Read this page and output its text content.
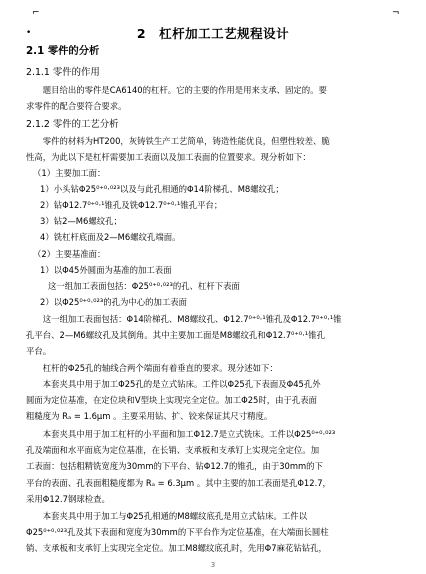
⌐	¬
•	2　杠杆加工工艺规程设计
2.1 零件的分析
2.1.1 零件的作用
　　题目给出的零件是CA6140的杠杆。它的主要的作用是用来支承、固定的。要
求零件的配合要符合要求。
2.1.2 零件的工艺分析
　　零件的材料为HT200，灰铸铁生产工艺简单，铸造性能优良，但塑性较差、脆
性高，为此以下是杠杆需要加工表面以及加工表面的位置要求。现分析如下：
（1）主要加工面：
1）小头钻Φ25⁰⁺⁰·⁰²³以及与此孔相通的Φ14阶梯孔、M8螺纹孔；
2）钻Φ12.7⁰⁺⁰·¹锥孔及铣Φ12.7⁰⁺⁰·¹锥孔平台；
3）钻2—M6螺纹孔；
4）铣杠杆底面及2—M6螺纹孔端面。
（2）主要基准面：
1）以Φ45外圆面为基准的加工表面
这一组加工表面包括：Φ25⁰⁺⁰·⁰²³的孔、杠杆下表面
2）以Φ25⁰⁺⁰·⁰²³的孔为中心的加工表面
　　这一组加工表面包括：Φ14阶梯孔、M8螺纹孔、Φ12.7⁰⁺⁰·¹锥孔及Φ12.7⁰⁺⁰·¹锥
孔平台、2—M6螺纹孔及其倒角。其中主要加工面是M8螺纹孔和Φ12.7⁰⁺⁰·¹锥孔
平台。
　　杠杆的Φ25孔的轴线合两个端面有着垂直的要求。现分述如下：
　　本套夹具中用于加工Φ25孔的是立式钻床。工件以Φ25孔下表面及Φ45孔外
圆面为定位基准，在定位块和V型块上实现完全定位。加工Φ25时，由于孔表面
粗糙度为 Rₐ = 1.6μm 。主要采用钻、扩、铰来保证其尺寸精度。
　　本套夹具中用于加工杠杆的小平面和加工Φ12.7是立式铣床。工件以Φ25⁰⁺⁰·⁰²³
孔及端面和水平面底为定位基准，在长销、支承板和支承钉上实现完全定位。加
工表面：包括粗精铣宽度为30mm的下平台、钻Φ12.7的锥孔，由于30mm的下
平台的表面、孔表面粗糙度都为 Rₐ = 6.3μm 。其中主要的加工表面是孔Φ12.7，
采用Φ12.7钢球检查。
　　本套夹具中用于加工与Φ25孔相通的M8螺纹底孔是用立式钻床。工件以
Φ25⁰⁺⁰·⁰²³孔及其下表面和宽度为30mm的下平台作为定位基准，在大端面长圆柱
销、支承板和支承钉上实现完全定位。加工M8螺纹底孔时，先用Φ7麻花钻钻孔，
3
